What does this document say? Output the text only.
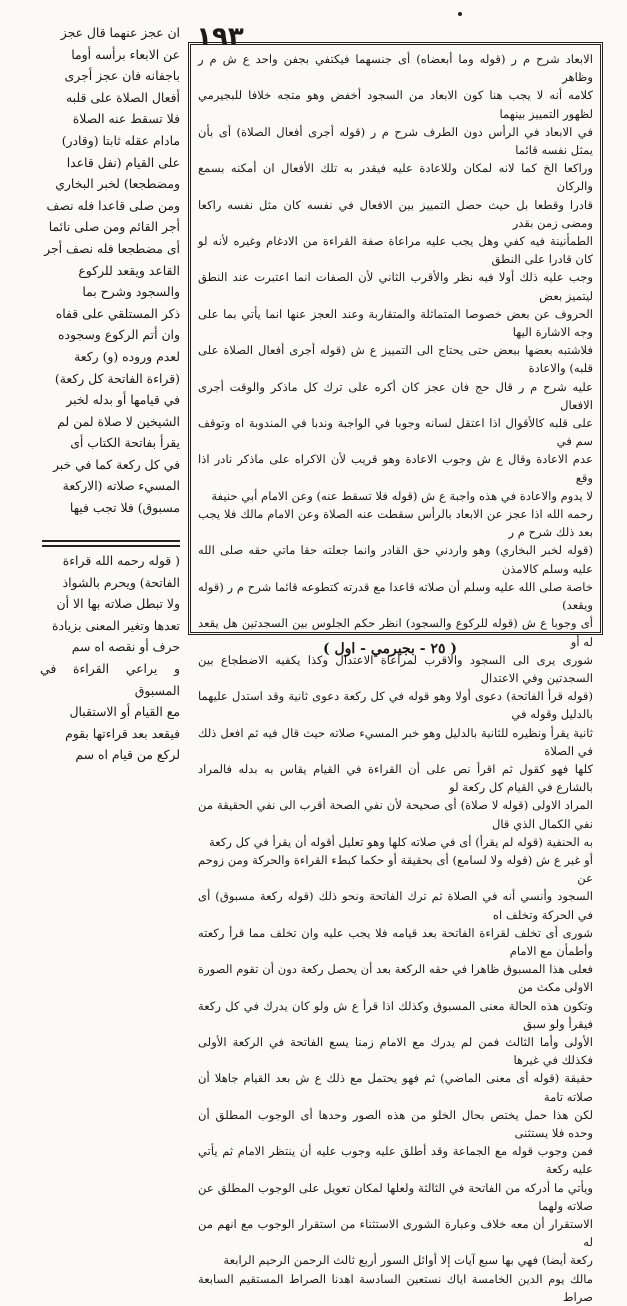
١٩٣

ان عجز عنهما قال عجز

عن الابعاء برأسه أوما

باجفانه فان عجز أجرى

أفعال الصلاة على قلبه

فلا تسقط عنه الصلاة

مادام عقله ثابتا (وقادر)

على القيام (نفل قاعدا

ومضطجعا) لخبر البخاري

ومن صلى قاعدا فله نصف

أجر القائم ومن صلى نائما

أى مضطجعا فله نصف أجر

القاعد ويقعد للركوع

والسجود وشرح بما

ذكر المستلقي على قفاه

وان أتم الركوع وسجوده

لعدم وروده (و) ركعة

(قراءة الفاتحة كل ركعة)

في قيامها أو بدله لخبر

الشيخين لا صلاة لمن لم

يقرأ بفاتحة الكتاب أى

في كل ركعة كما في خبر

المسيء صلاته (الاركعة

مسبوق) فلا تجب فيها

( قوله رحمه الله قراءة

الفاتحة) ويحرم بالشواذ

ولا تبطل صلاته بها الا أن

تعدها وتغير المعنى بزيادة

حرف أو نقصه اه سم

و يراعي القراءة في المسبوق

مع القيام أو الاستقبال

فيقعد بعد قراءتها بقوم

لركع من قيام اه سم

الابعاد شرح م ر (قوله وما أبعضاه) أى جنسهما فيكتفي بجفن واحد ع ش م ر وظاهر

كلامه أنه لا يجب هنا كون الابعاد من السجود أخفض وهو متجه خلافا للبجيرمي لظهور التمييز بينهما

في الابعاد في الرأس دون الطرف شرح م ر (قوله أجرى أفعال الصلاة) أى بأن يمثل نفسه قائما

وراكعا الخ كما لانه لمكان وللاعادة عليه فيقدر به تلك الأفعال ان أمكنه بسمع والركان

قادرا وقطعا بل حيث حصل التمييز بين الافعال في نفسه كان مثل نفسه راكعا ومضى زمن بقدر

الطمأنينة فيه كفي وهل يجب عليه مراعاة صفة القراءة من الادغام وغيره لأنه لو كان قادرا على النطق

وجب عليه ذلك أولا فيه نظر والأقرب الثاني لأن الصفات انما اعتبرت عند النطق ليتميز بعض

الحروف عن بعض خصوصا المتماثلة والمتقاربة وعند العجز عنها انما يأتي بما على وجه الاشارة اليها

فلاشتبه بعضها ببعض حتى يحتاج الى التمييز ع ش (قوله أجرى أفعال الصلاة على قلبه) والاعادة

عليه شرح م ر قال حج فان عجز كان أكره على ترك كل ماذكر والوقت أجرى الافعال

على قلبه كالأقوال اذا اعتقل لسانه وجوبا في الواجبة وندبا في المندوبة اه وتوقف سم في

عدم الاعادة وقال ع ش وجوب الاعادة وهو قريب لأن الاكراه على ماذكر نادر اذا وقع

لا يدوم والاعادة في هذه واجبة ع ش (قوله فلا تسقط عنه) وعن الامام أبي حنيفة

رحمه الله اذا عجز عن الابعاد بالرأس سقطت عنه الصلاة وعن الامام مالك فلا يجب بعد ذلك شرح م ر

(قوله لخبر البخاري) وهو واردني حق القادر وانما جعلته حقا ماتي حقه صلى الله عليه وسلم كالامذن

خاصة صلى الله عليه وسلم أن صلاته قاعدا مع قدرته كتطوعه قائما شرح م ر (قوله ويقعد)

أى وجوبا ع ش (قوله للركوع والسجود) انظر حكم الجلوس بين السجدتين هل يقعد له أو

شورى يرى الى السجود والاقرب لمراعاة الاعتدال وكذا يكفيه الاضطجاع بين السجدتين وفي الاعتدال

(قوله قرأ الفاتحة) دعوى أولا وهو قوله في كل ركعة دعوى ثانية وقد استدل عليهما بالدليل وقوله في

ثانية يقرأ ونظيره للثانية بالدليل وهو خبر المسيء صلاته حيث قال فيه ثم افعل ذلك في الصلاة

كلها فهو كقول ثم اقرأ نص على أن القراءة في القيام يقاس به بدله فالمراد بالشارع في القيام كل ركعة لو

المراد الاولى (قوله لا صلاة) أى صحيحة لأن نفي الصحة أقرب الى نفي الحقيقة من نفي الكمال الذي قال

به الحنفية (قوله لم يقرأ) أى في صلاته كلها وهو تعليل أقوله أن يقرأ في كل ركعة

أو غير ع ش (قوله ولا لسامع) أى بحقيقة أو حكما كبطء القراءة والحركة ومن زوحم عن

السجود وأنسي أنه في الصلاة ثم ترك الفاتحة ونحو ذلك (قوله ركعة مسبوق) أى في الحركة وتخلف اه

شورى أى تخلف لقراءة الفاتحة بعد قيامه فلا يجب عليه وان تخلف مما قرأ ركعته وأطمأن مع الامام

فعلى هذا المسبوق ظاهرا في حقه الركعة بعد أن يحصل ركعة دون أن تقوم الصورة الاولى مكث من

وتكون هذه الحالة معنى المسبوق وكذلك اذا قرأ ع ش ولو كان يدرك في كل ركعة فيقرأ ولو سبق

الأولى وأما الثالث فمن لم يدرك مع الامام زمنا يسع الفاتحة في الركعة الأولى فكذلك في غيرها

حقيقة (قوله أى معنى الماضي) ثم فهو يحتمل مع ذلك ع ش بعد القيام جاهلا أن صلاته تامة

لكن هذا حمل يختص بحال الخلو من هذه الصور وحدها أى الوجوب المطلق أن وحده فلا يستثنى

فمن وجوب قوله مع الجماعة وقد أطلق عليه وجوب عليه أن ينتظر الامام ثم يأتي عليه ركعة

ويأتي ما أدركه من الفاتحة في الثالثة ولعلها لمكان تعويل على الوجوب المطلق عن صلاته ولهما

الاستقرار أن معه خلاف وعبارة الشورى الاستثناء من استقرار الوجوب مع انهم من له

ركعة أيضا) فهي بها سبع آيات إلا أوائل السور أربع ثالث الرحمن الرحيم الرابعة

مالك يوم الدين الخامسة اياك نستعين السادسة اهدنا الصراط المستقيم السابعة صراط

( ٢٥ - بجيرمي - اول )
